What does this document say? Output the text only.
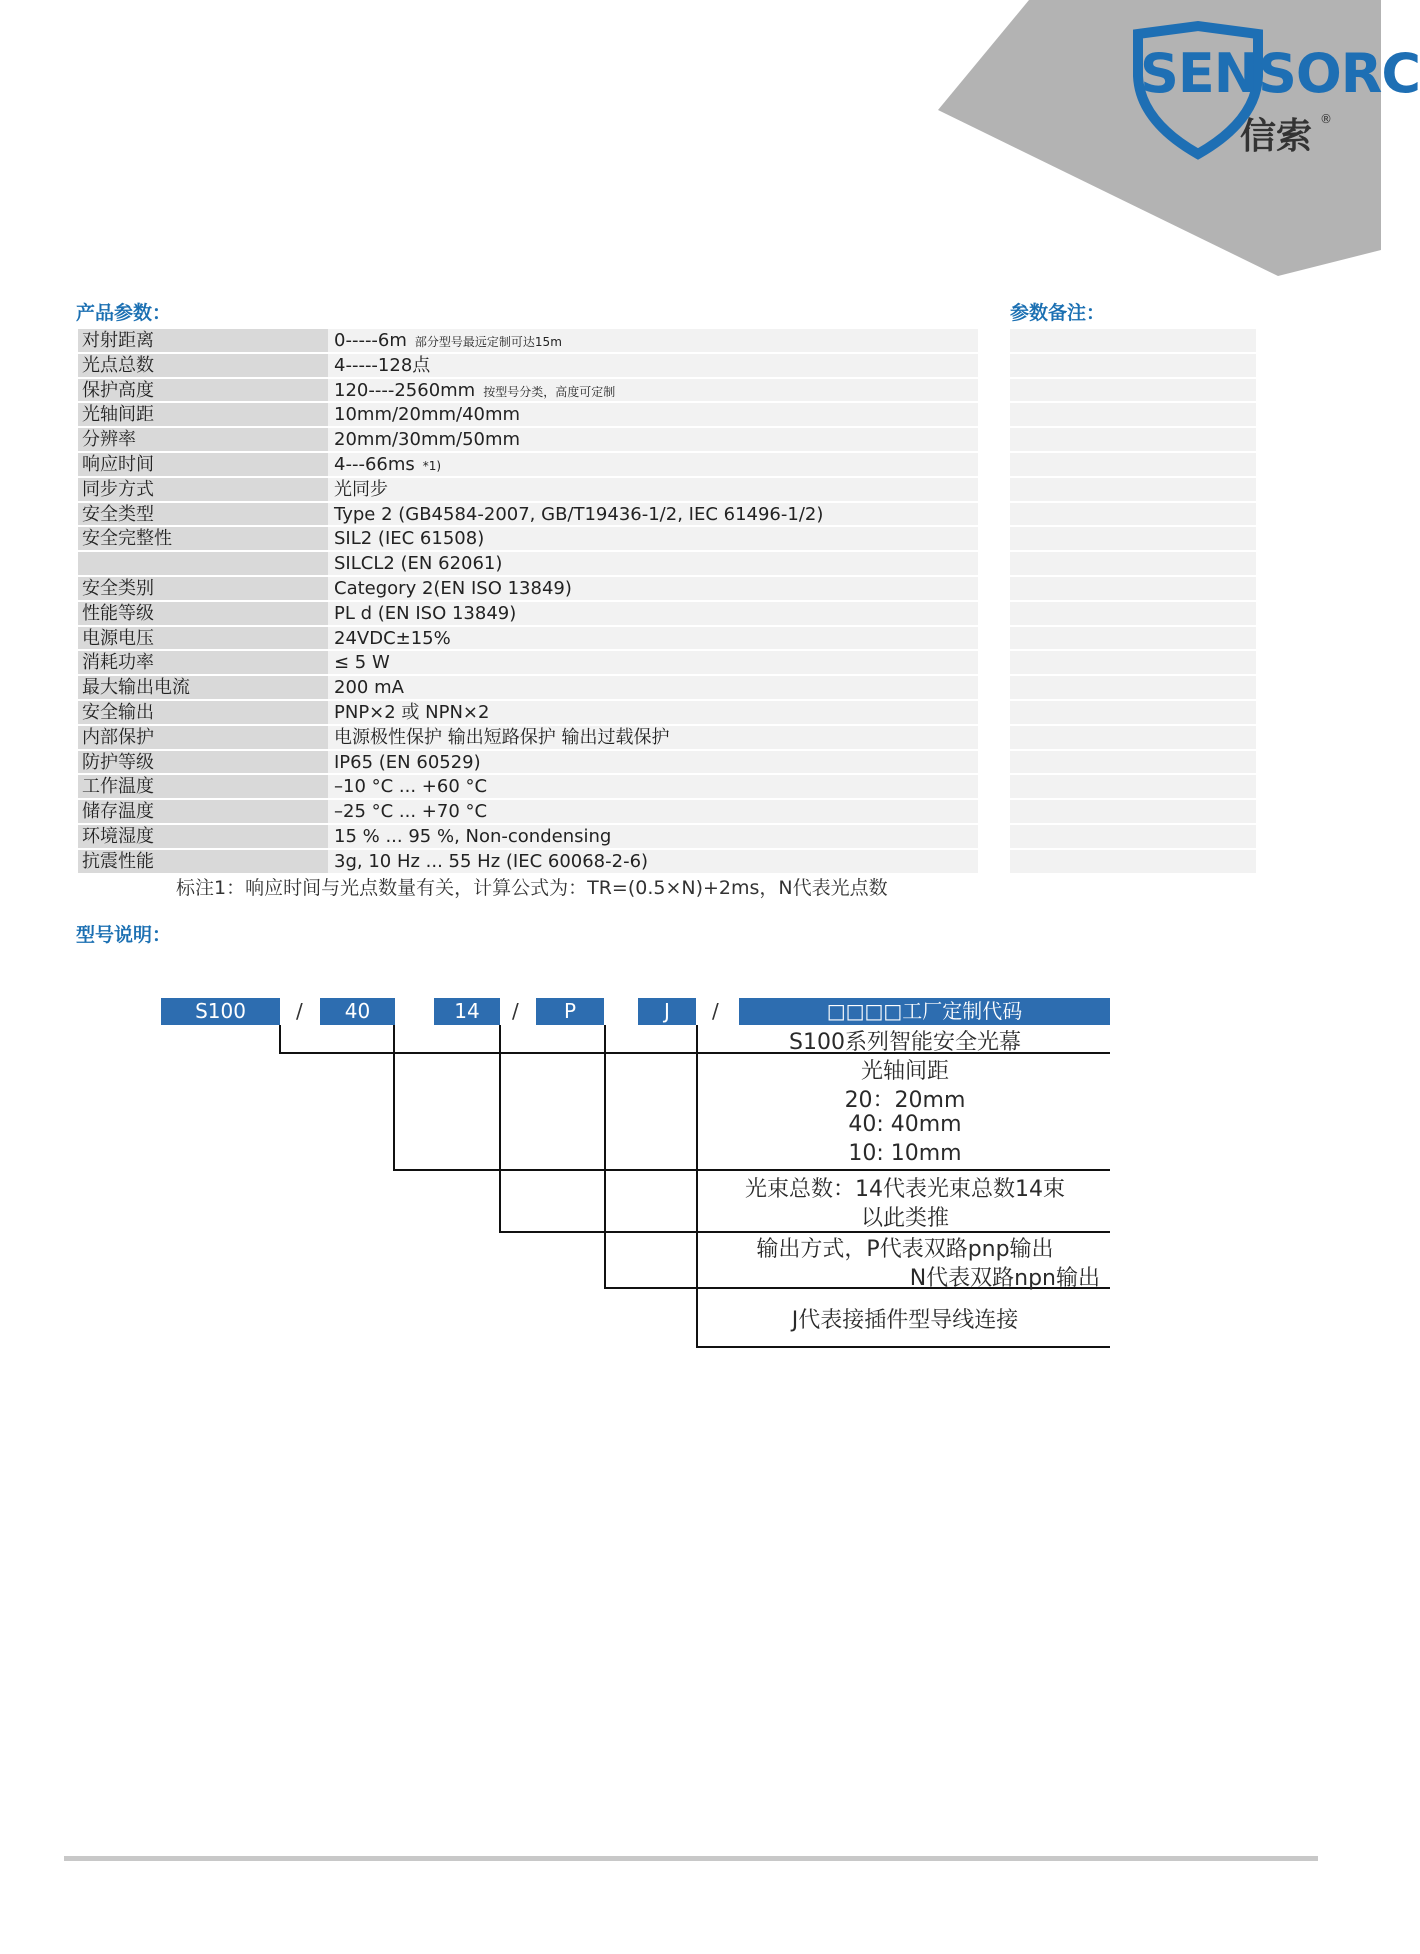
SENSORC
信索 ®
产品参数：	参数备注：
型号说明：
对射距离	0-----6m 部分型号最远定制可达15m
光点总数	4-----128点
保护高度	120----2560mm 按型号分类，高度可定制
光轴间距	10mm/20mm/40mm
分辨率	20mm/30mm/50mm
响应时间	4---66ms *1)
同步方式	光同步
安全类型	Type 2 (GB4584-2007, GB/T19436-1/2, IEC 61496-1/2)
安全完整性	SIL2 (IEC 61508)
SILCL2 (EN 62061)
安全类别	Category 2(EN ISO 13849)
性能等级	PL d (EN ISO 13849)
电源电压	24VDC±15%
消耗功率	≤ 5 W
最大输出电流	200 mA
安全输出	PNP×2 或 NPN×2
内部保护	电源极性保护 输出短路保护 输出过载保护
防护等级	IP65 (EN 60529)
工作温度	–10 °C ... +60 °C
储存温度	–25 °C ... +70 °C
环境湿度	15 % ... 95 %, Non-condensing
抗震性能	3g, 10 Hz ... 55 Hz (IEC 60068-2-6)
标注1：响应时间与光点数量有关，计算公式为：TR=(0.5×N)+2ms，N代表光点数
S100	/	40	14	/	P	J	/	□□□□工厂定制代码
S100系列智能安全光幕
光轴间距
20：20mm
40: 40mm
10: 10mm
光束总数：14代表光束总数14束
以此类推
输出方式，P代表双路pnp输出
N代表双路npn输出
J代表接插件型导线连接
